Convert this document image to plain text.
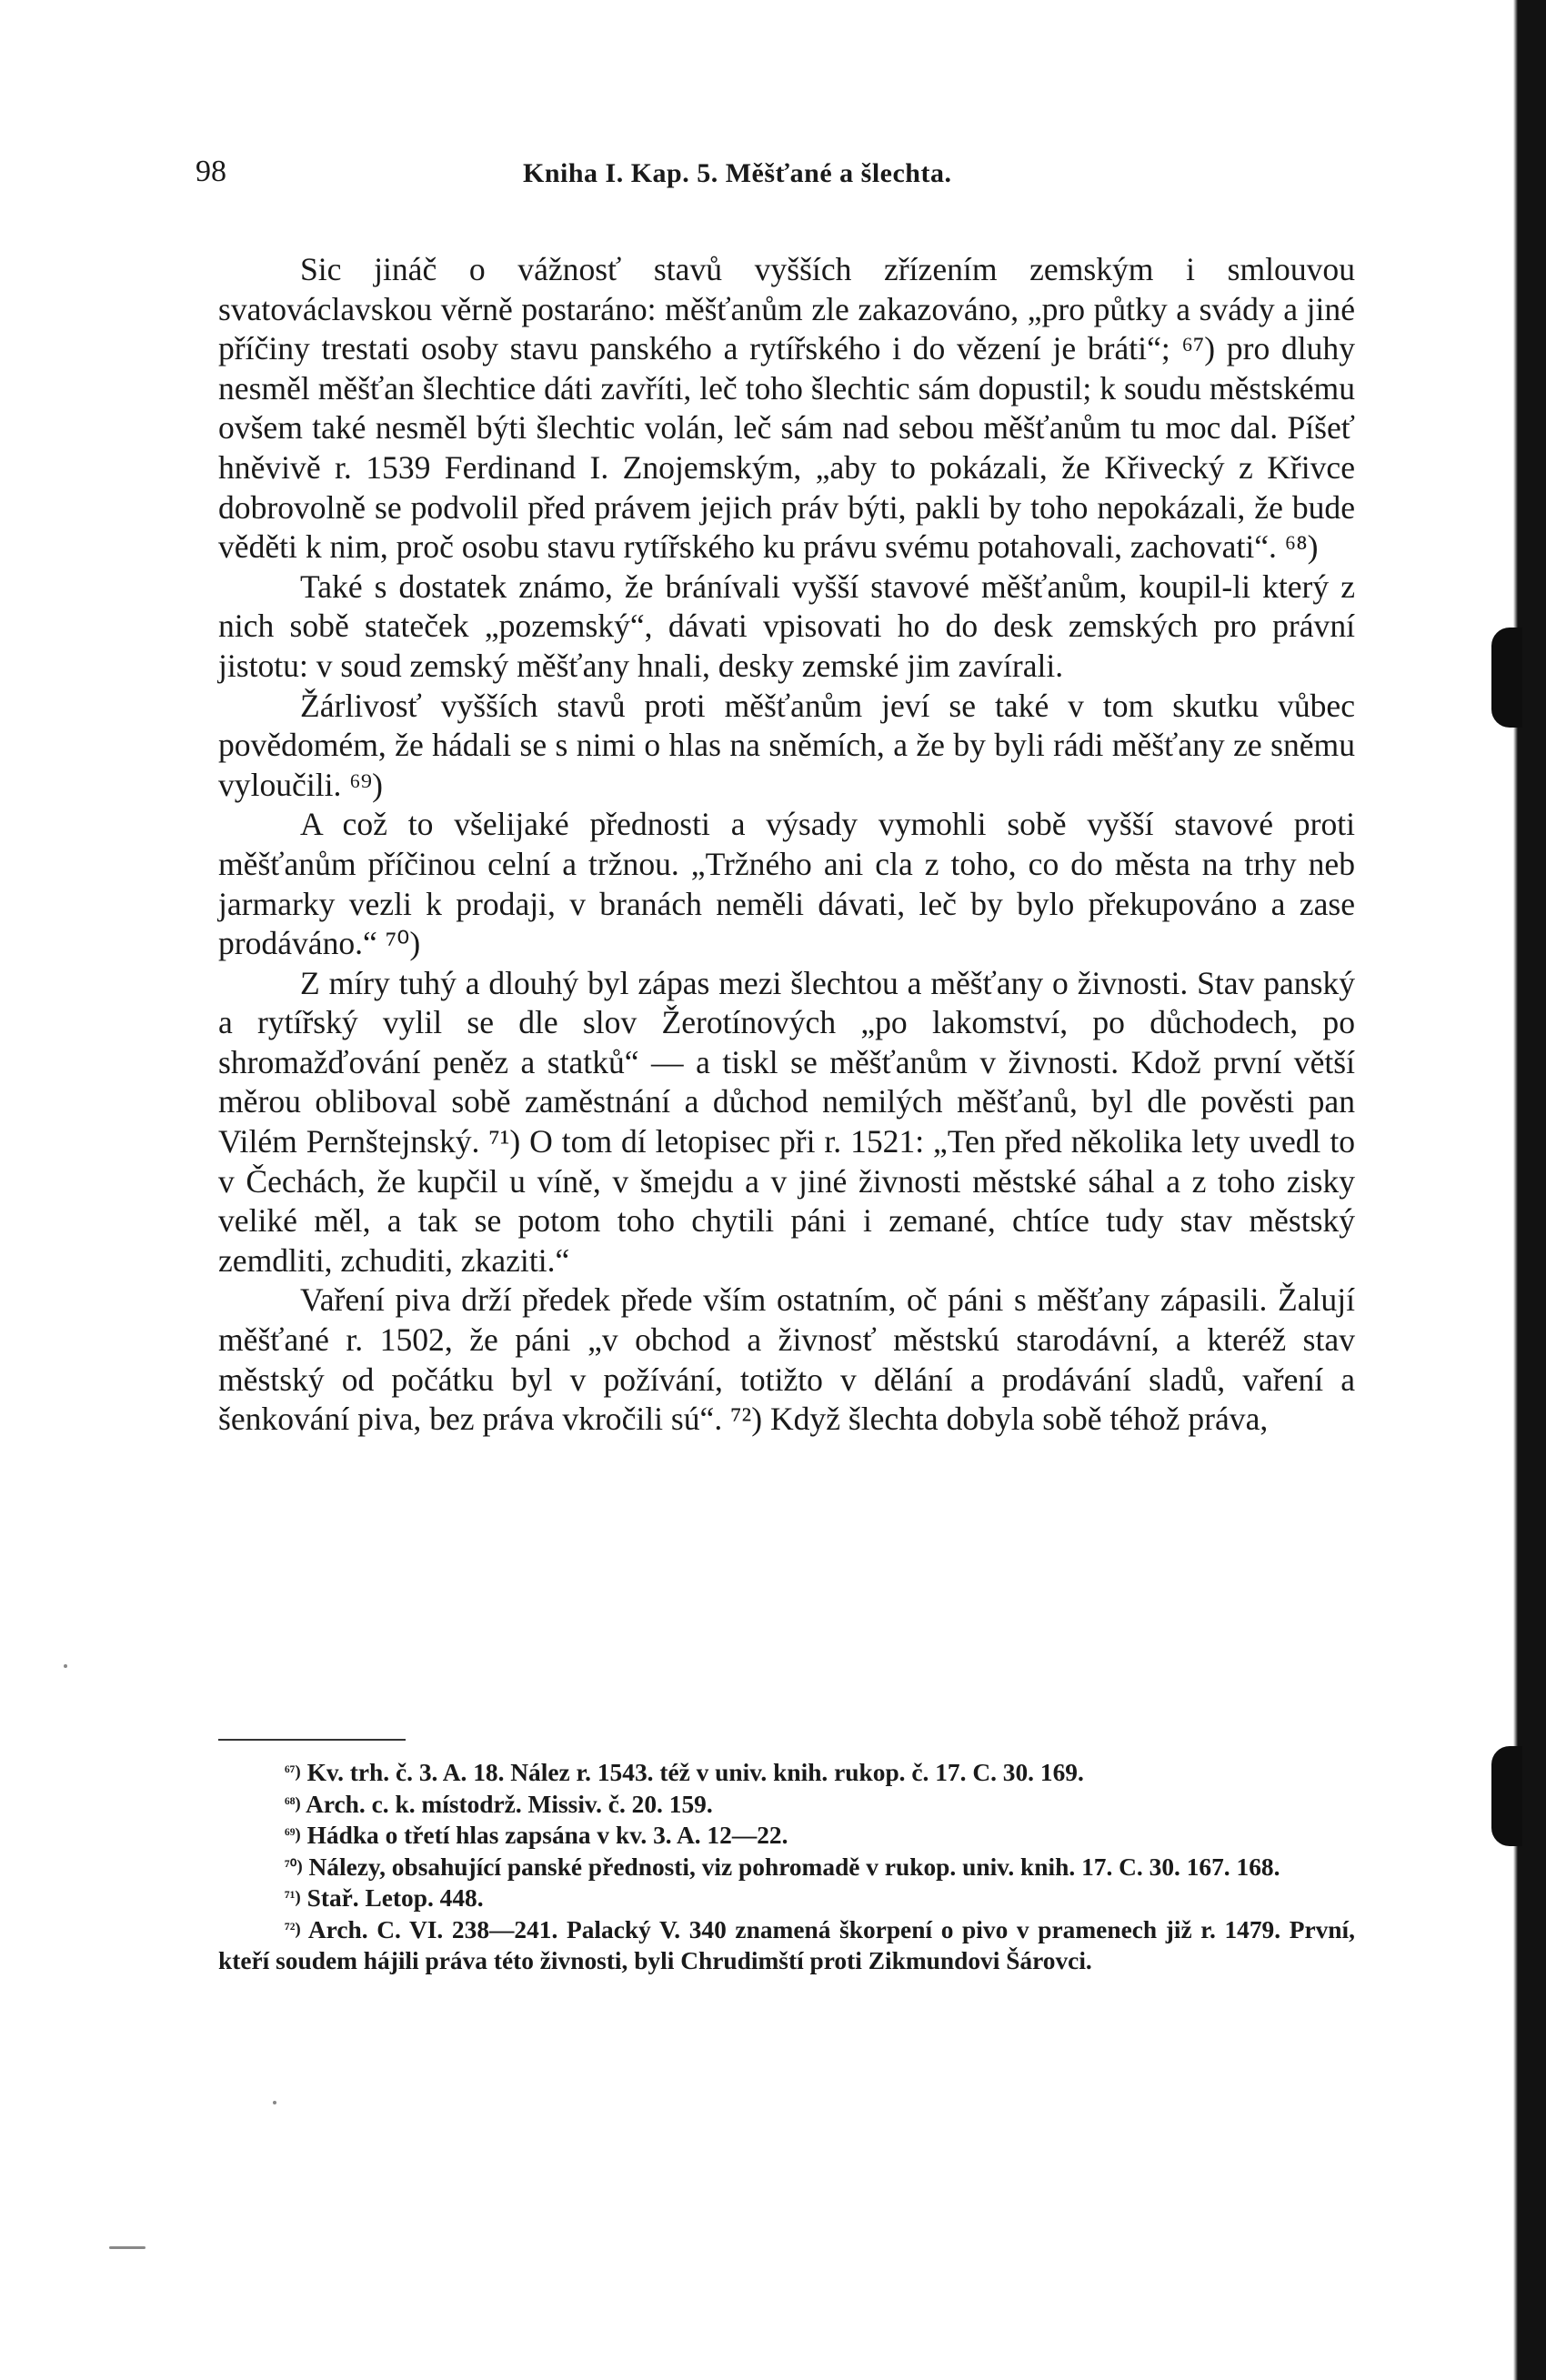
98	Kniha I. Kap. 5. Měšťané a šlechta.

Sic jináč o vážnosť stavů vyšších zřízením zemským i smlouvou svatováclavskou věrně postaráno: měšťanům zle zakazováno, „pro půtky a svády a jiné příčiny trestati osoby stavu panského a rytířského i do vězení je bráti“; ⁶⁷) pro dluhy nesměl měšťan šlechtice dáti zavříti, leč toho šlechtic sám dopustil; k soudu městskému ovšem také nesměl býti šlechtic volán, leč sám nad sebou měšťanům tu moc dal. Píšeť hněvivě r. 1539 Ferdinand I. Znojemským, „aby to pokázali, že Křivecký z Křivce dobrovolně se podvolil před právem jejich práv býti, pakli by toho nepokázali, že bude věděti k nim, proč osobu stavu rytířského ku právu svému potahovali, zachovati“. ⁶⁸)

Také s dostatek známo, že bránívali vyšší stavové měšťanům, koupil-li který z nich sobě stateček „pozemský“, dávati vpisovati ho do desk zemských pro právní jistotu: v soud zemský měšťany hnali, desky zemské jim zavírali.

Žárlivosť vyšších stavů proti měšťanům jeví se také v tom skutku vůbec povědomém, že hádali se s nimi o hlas na sněmích, a že by byli rádi měšťany ze sněmu vyloučili. ⁶⁹)

A což to všelijaké přednosti a výsady vymohli sobě vyšší stavové proti měšťanům příčinou celní a tržnou. „Tržného ani cla z toho, co do města na trhy neb jarmarky vezli k prodaji, v branách neměli dávati, leč by bylo překupováno a zase prodáváno.“ ⁷⁰)

Z míry tuhý a dlouhý byl zápas mezi šlechtou a měšťany o živnosti. Stav panský a rytířský vylil se dle slov Žerotínových „po lakomství, po důchodech, po shromažďování peněz a statků“ — a tiskl se měšťanům v živnosti. Kdož první větší měrou obliboval sobě zaměstnání a důchod nemilých měšťanů, byl dle pověsti pan Vilém Pernštejnský. ⁷¹) O tom dí letopisec při r. 1521: „Ten před několika lety uvedl to v Čechách, že kupčil u víně, v šmejdu a v jiné živnosti městské sáhal a z toho zisky veliké měl, a tak se potom toho chytili páni i zemané, chtíce tudy stav městský zemdliti, zchuditi, zkaziti.“

Vaření piva drží předek přede vším ostatním, oč páni s měšťany zápasili. Žalují měšťané r. 1502, že páni „v obchod a živnosť městskú starodávní, a kteréž stav městský od počátku byl v požívání, totižto v dělání a prodávání sladů, vaření a šenkování piva, bez práva vkročili sú“. ⁷²) Když šlechta dobyla sobě téhož práva,

$^{^{67})}$ Kv. trh. č. 3. A. 18. Nález r. 1543. též v univ. knih. rukop. č. 17. C. 30. 169.

$^{^{68})}$ Arch. c. k. místodrž. Missiv. č. 20. 159.

$^{^{69})}$ Hádka o třetí hlas zapsána v kv. 3. A. 12—22.

$^{^{70})}$ Nálezy, obsahující panské přednosti, viz pohromadě v rukop. univ. knih. 17. C. 30. 167. 168.

$^{^{71})}$ Stař. Letop. 448.

$^{^{72})}$ Arch. C. VI. 238—241. Palacký V. 340 znamená škorpení o pivo v pramenech již r. 1479. První, kteří soudem hájili práva této živnosti, byli Chrudimští proti Zikmundovi Šárovci.
